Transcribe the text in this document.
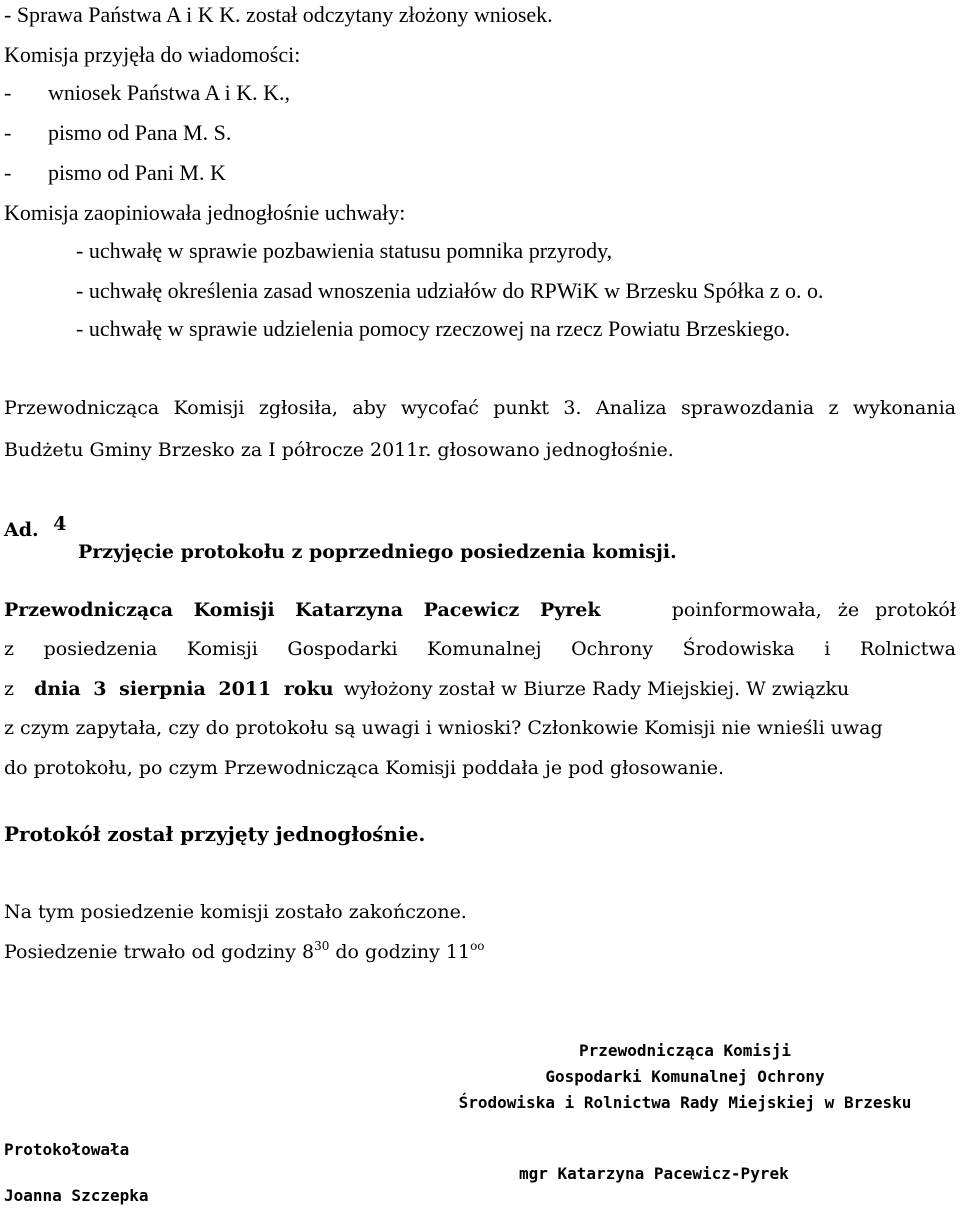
- Sprawa Państwa A i K K. został odczytany złożony wniosek.
Komisja przyjęła do wiadomości:
- wniosek Państwa A i K. K.,
- pismo od Pana M. S.
- pismo od Pani M. K
Komisja zaopiniowała jednogłośnie uchwały:
- uchwałę w sprawie pozbawienia statusu pomnika przyrody,
- uchwałę określenia zasad wnoszenia udziałów do RPWiK w Brzesku Spółka z o. o.
- uchwałę w sprawie udzielenia pomocy rzeczowej na rzecz Powiatu Brzeskiego.
Przewodnicząca Komisji zgłosiła, aby wycofać punkt 3. Analiza sprawozdania z wykonania
Budżetu Gminy Brzesko za I półrocze 2011r. głosowano jednogłośnie.
Ad. 4
Przyjęcie protokołu z poprzedniego posiedzenia komisji.
Przewodnicząca Komisji Katarzyna Pacewicz Pyrek	poinformowała, że protokół
z posiedzenia Komisji Gospodarki Komunalnej Ochrony Środowiska i Rolnictwa
z dnia 3 sierpnia 2011 roku wyłożony został w Biurze Rady Miejskiej. W związku
z czym zapytała, czy do protokołu są uwagi i wnioski? Członkowie Komisji nie wnieśli uwag
do protokołu, po czym Przewodnicząca Komisji poddała je pod głosowanie.
Protokół został przyjęty jednogłośnie.
Na tym posiedzenie komisji zostało zakończone.
Posiedzenie trwało od godziny $8^{30}$ do godziny $11^{oo}$
Przewodnicząca Komisji
Gospodarki Komunalnej Ochrony
Środowiska i Rolnictwa Rady Miejskiej w Brzesku
Protokołowała
mgr Katarzyna Pacewicz-Pyrek
Joanna Szczepka
